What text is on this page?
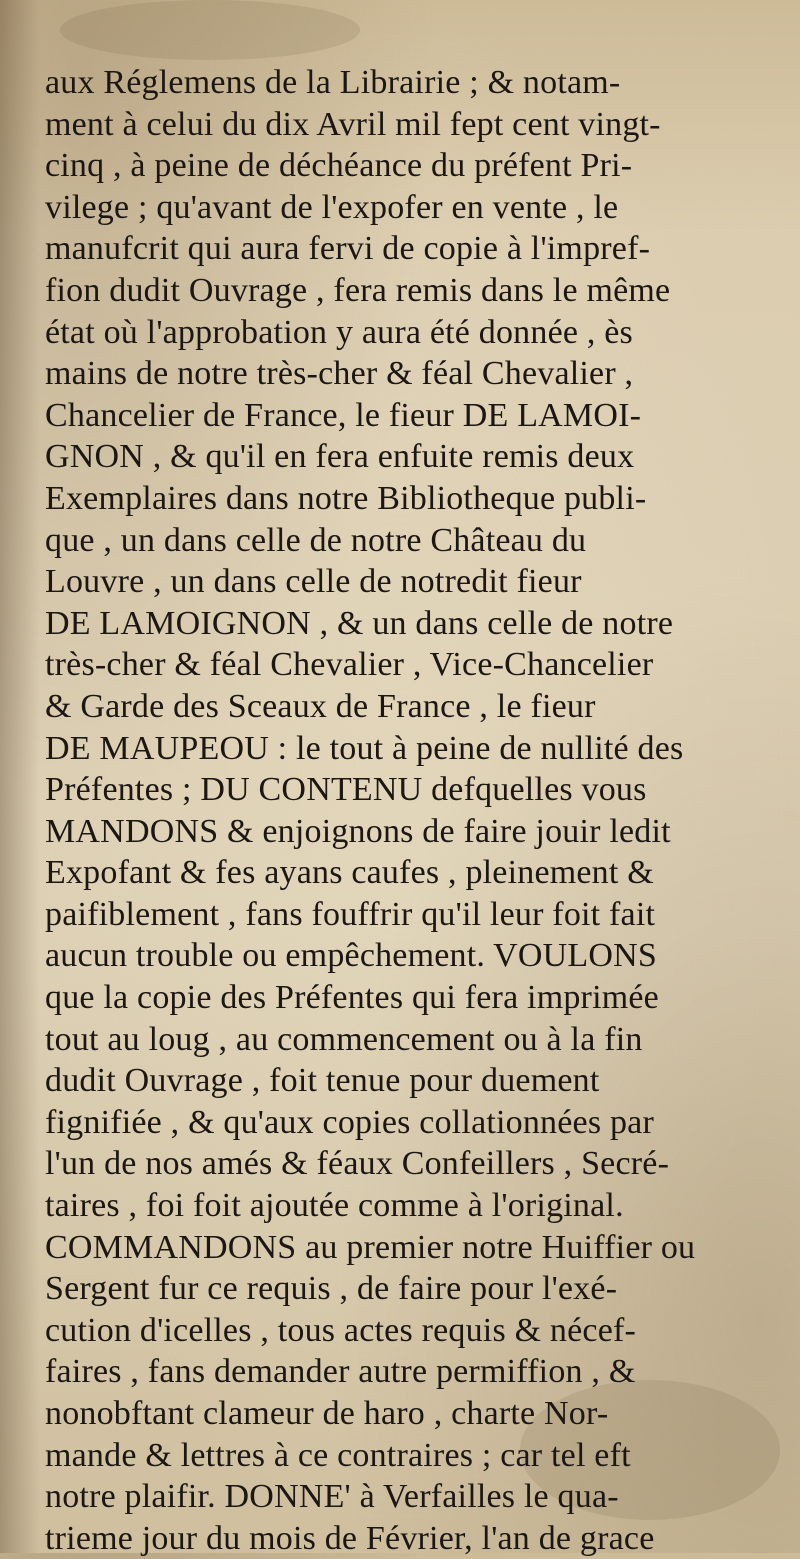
aux Réglemens de la Librairie ; & notam-
ment à celui du dix Avril mil fept cent vingt-
cinq , à peine de déchéance du préfent Pri-
vilege ; qu'avant de l'expofer en vente , le
manufcrit qui aura fervi de copie à l'impref-
fion dudit Ouvrage , fera remis dans le même
état où l'approbation y aura été donnée , ès
mains de notre très-cher & féal Chevalier ,
Chancelier de France, le fieur DE LAMOI-
GNON , & qu'il en fera enfuite remis deux
Exemplaires dans notre Bibliotheque publi-
que , un dans celle de notre Château du
Louvre , un dans celle de notredit fieur
DE LAMOIGNON , & un dans celle de notre
très-cher & féal Chevalier , Vice-Chancelier
& Garde des Sceaux de France , le fieur
DE MAUPEOU : le tout à peine de nullité des
Préfentes ; DU CONTENU defquelles vous
MANDONS & enjoignons de faire jouir ledit
Expofant & fes ayans caufes , pleinement &
paifiblement , fans fouffrir qu'il leur foit fait
aucun trouble ou empêchement. VOULONS
que la copie des Préfentes qui fera imprimée
tout au loug , au commencement ou à la fin
dudit Ouvrage , foit tenue pour duement
fignifiée , & qu'aux copies collationnées par
l'un de nos amés & féaux Confeillers , Secré-
taires , foi foit ajoutée comme à l'original.
COMMANDONS au premier notre Huiffier ou
Sergent fur ce requis , de faire pour l'exé-
cution d'icelles , tous actes requis & nécef-
faires , fans demander autre permiffion , &
nonobftant clameur de haro , charte Nor-
mande & lettres à ce contraires ; car tel eft
notre plaifir. DONNE' à Verfailles le qua-
trieme jour du mois de Février, l'an de grace
